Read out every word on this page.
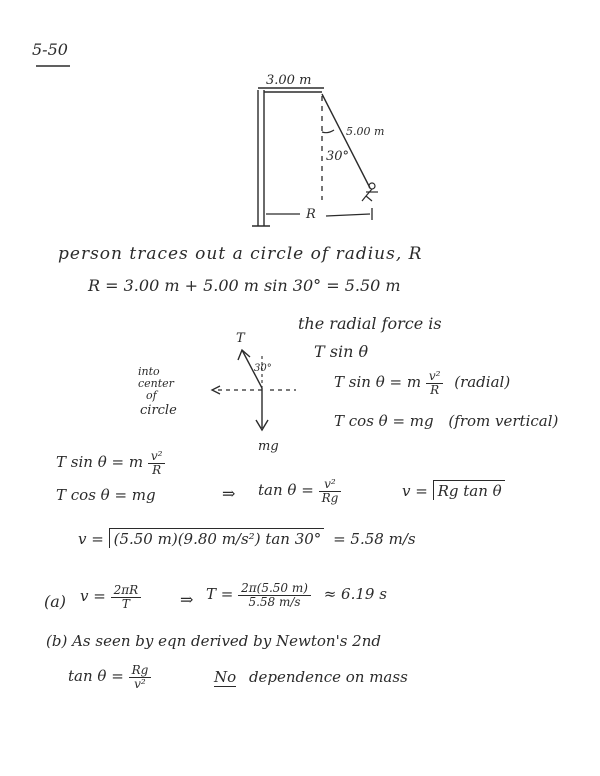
5-50
3.00 m
5.00 m
30°
R
person traces out a circle of radius, R
R = 3.00 m + 5.00 m sin 30° = 5.50 m
the radial force is
T sin θ
T
30°
mg
into
center
of
circle
T sin θ = m $\frac{\text{v²}}{R}$ (radial)
T cos θ = mg (from vertical)
T sin θ = m $\frac{\text{v²}}{R}$
T cos θ = mg	⇒ $\tan \theta = \frac{\text{v²}}{Rg}$	v = Rg tan θ
v = (5.50 m)(9.80 m/s²) tan 30° = 5.58 m/s
(a) $v = \frac{2\pi R}{T}$ ⇒ $T = \frac{2\pi(5.50 m)}{5.58 m/s} \approx 6.19$ s
(b) As seen by eqn derived by Newton's 2nd
$\tan \theta = \frac{Rg}{\text{v²}}$	No dependence on mass
